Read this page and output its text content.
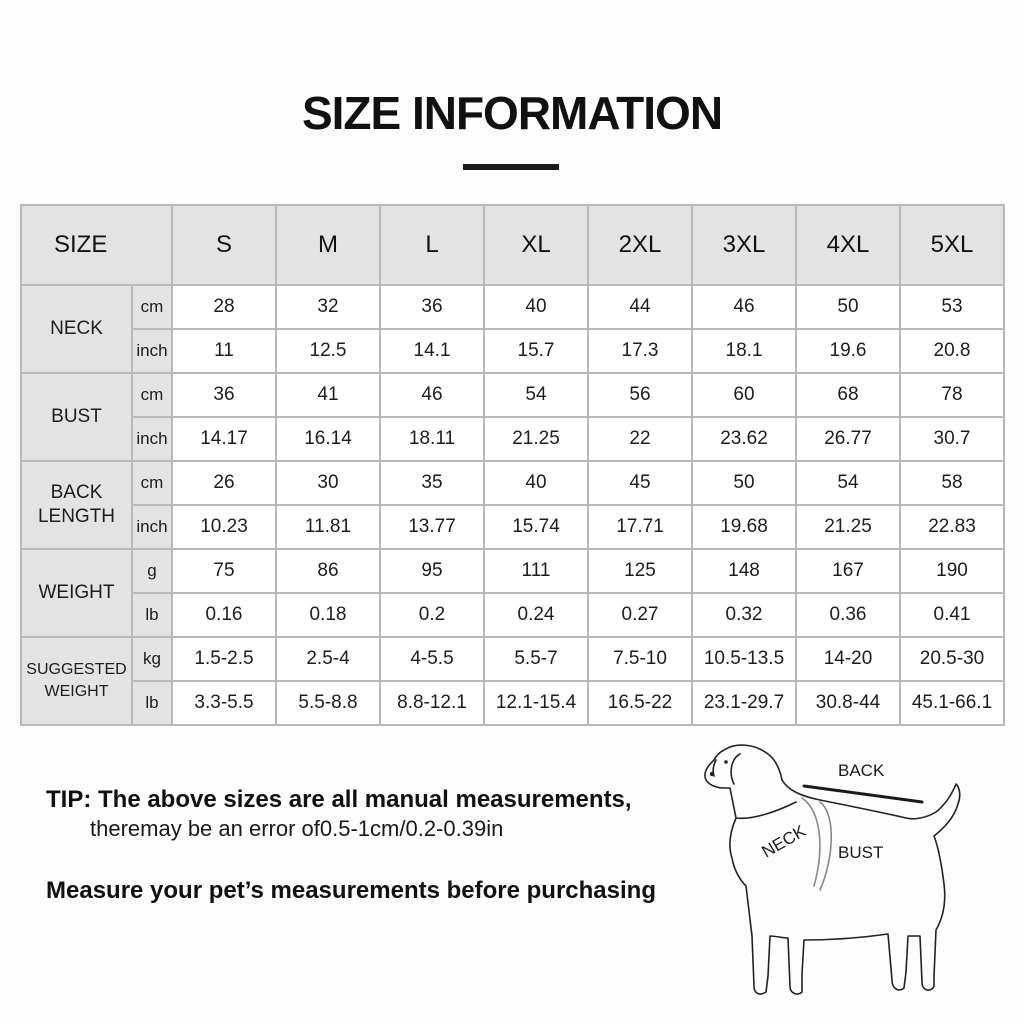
SIZE INFORMATION
SIZE		S	M	L	XL	2XL	3XL	4XL	5XL
NECK	cm	28	32	36	40	44	46	50	53
	inch	11	12.5	14.1	15.7	17.3	18.1	19.6	20.8
BUST	cm	36	41	46	54	56	60	68	78
	inch	14.17	16.14	18.11	21.25	22	23.62	26.77	30.7
BACK
LENGTH	cm	26	30	35	40	45	50	54	58
	inch	10.23	11.81	13.77	15.74	17.71	19.68	21.25	22.83
WEIGHT	g	75	86	95	111	125	148	167	190
	lb	0.16	0.18	0.2	0.24	0.27	0.32	0.36	0.41
SUGGESTED
WEIGHT	kg	1.5-2.5	2.5-4	4-5.5	5.5-7	7.5-10	10.5-13.5	14-20	20.5-30
	lb	3.3-5.5	5.5-8.8	8.8-12.1	12.1-15.4	16.5-22	23.1-29.7	30.8-44	45.1-66.1
TIP: The above sizes are all manual measurements,
theremay be an error of0.5-1cm/0.2-0.39in
Measure your pet’s measurements before purchasing
BACK
NECK BUST
